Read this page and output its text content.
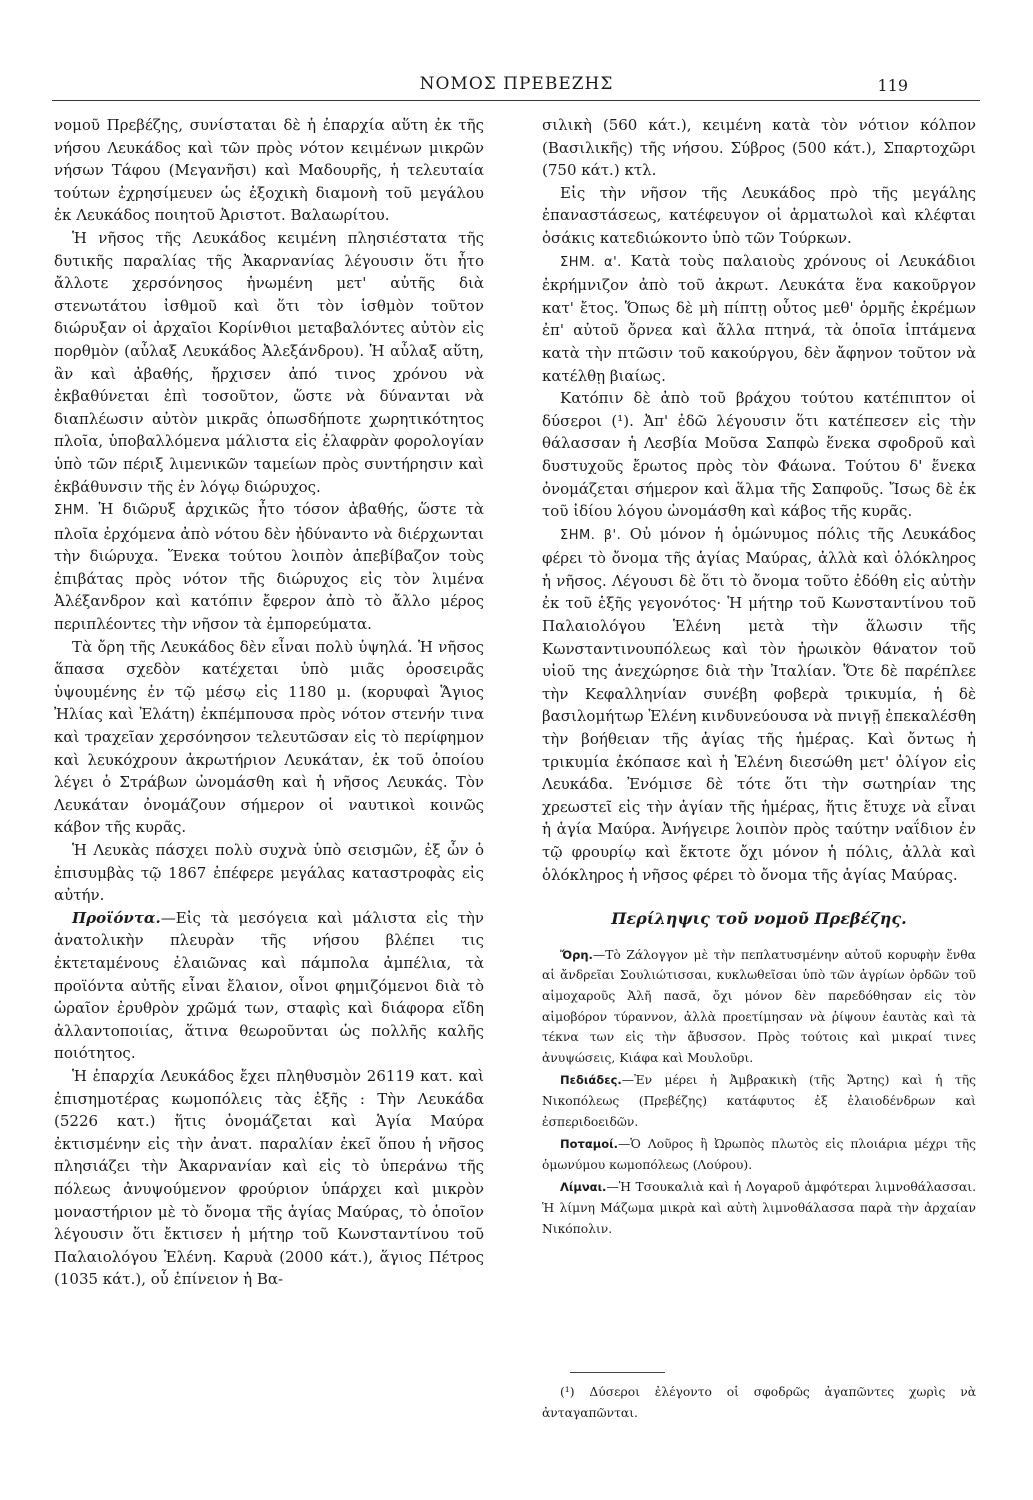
ΝΟΜΟΣ ΠΡΕΒΕΖΗΣ	119

νομοῦ Πρεβέζης, συνίσταται δὲ ἡ ἐπαρχία αὕτη ἐκ τῆς νήσου Λευκάδος καὶ τῶν πρὸς νότον κειμένων μικρῶν νήσων Τάφου (Μεγανῆσι) καὶ Μαδουρῆς, ἡ τελευταία τούτων ἐχρησίμευεν ὡς ἐξοχικὴ διαμονὴ τοῦ μεγάλου ἐκ Λευκάδος ποιητοῦ Ἀριστοτ. Βαλαωρίτου.

Ἡ νῆσος τῆς Λευκάδος κειμένη πλησιέστατα τῆς δυτικῆς παραλίας τῆς Ἀκαρνανίας λέγουσιν ὅτι ἦτο ἄλλοτε χερσόνησος ἡνωμένη μετ' αὐτῆς διὰ στενωτάτου ἰσθμοῦ καὶ ὅτι τὸν ἰσθμὸν τοῦτον διώρυξαν οἱ ἀρχαῖοι Κορίνθιοι μεταβαλόντες αὐτὸν εἰς πορθμὸν (αὖλαξ Λευκάδος Ἀλεξάνδρου). Ἡ αὖλαξ αὕτη, ἂν καὶ ἀβαθής, ἤρχισεν ἀπό τινος χρόνου νὰ ἐκβαθύνεται ἐπὶ τοσοῦτον, ὥστε νὰ δύνανται νὰ διαπλέωσιν αὐτὸν μικρᾶς ὁπωσδήποτε χωρητικότητος πλοῖα, ὑποβαλλόμενα μάλιστα εἰς ἐλαφρὰν φορολογίαν ὑπὸ τῶν πέριξ λιμενικῶν ταμείων πρὸς συντήρησιν καὶ ἐκβάθυνσιν τῆς ἐν λόγῳ διώρυχος.

ΣΗΜ. Ἡ διῶρυξ ἀρχικῶς ἦτο τόσον ἀβαθής, ὥστε τὰ πλοῖα ἐρχόμενα ἀπὸ νότου δὲν ἠδύναντο νὰ διέρχωνται τὴν διώρυχα. Ἕνεκα τούτου λοιπὸν ἀπεβίβαζον τοὺς ἐπιβάτας πρὸς νότον τῆς διώρυχος εἰς τὸν λιμένα Ἀλέξανδρον καὶ κατόπιν ἔφερον ἀπὸ τὸ ἄλλο μέρος περιπλέοντες τὴν νῆσον τὰ ἐμπορεύματα.

Τὰ ὄρη τῆς Λευκάδος δὲν εἶναι πολὺ ὑψηλά. Ἡ νῆσος ἅπασα σχεδὸν κατέχεται ὑπὸ μιᾶς ὀροσειρᾶς ὑψουμένης ἐν τῷ μέσῳ εἰς 1180 μ. (κορυφαὶ Ἅγιος Ἠλίας καὶ Ἐλάτη) ἐκπέμπουσα πρὸς νότον στενήν τινα καὶ τραχεῖαν χερσόνησον τελευτῶσαν εἰς τὸ περίφημον καὶ λευκόχρουν ἀκρωτήριον Λευκάταν, ἐκ τοῦ ὁποίου λέγει ὁ Στράβων ὠνομάσθη καὶ ἡ νῆσος Λευκάς. Τὸν Λευκάταν ὀνομάζουν σήμερον οἱ ναυτικοὶ κοινῶς κάβον τῆς κυρᾶς.

Ἡ Λευκὰς πάσχει πολὺ συχνὰ ὑπὸ σεισμῶν, ἐξ ὧν ὁ ἐπισυμβὰς τῷ 1867 ἐπέφερε μεγάλας καταστροφὰς εἰς αὐτήν.

Προϊόντα.—Εἰς τὰ μεσόγεια καὶ μάλιστα εἰς τὴν ἀνατολικὴν πλευρὰν τῆς νήσου βλέπει τις ἐκτεταμένους ἐλαιῶνας καὶ πάμπολα ἀμπέλια, τὰ προϊόντα αὐτῆς εἶναι ἔλαιον, οἶνοι φημιζόμενοι διὰ τὸ ὡραῖον ἐρυθρὸν χρῶμά των, σταφὶς καὶ διάφορα εἴδη ἀλλαντοποιίας, ἅτινα θεωροῦνται ὡς πολλῆς καλῆς ποιότητος.

Ἡ ἐπαρχία Λευκάδος ἔχει πληθυσμὸν 26119 κατ. καὶ ἐπισημοτέρας κωμοπόλεις τὰς ἑξῆς : Τὴν Λευκάδα (5226 κατ.) ἥτις ὀνομάζεται καὶ Ἁγία Μαύρα ἐκτισμένην εἰς τὴν ἀνατ. παραλίαν ἐκεῖ ὅπου ἡ νῆσος πλησιάζει τὴν Ἀκαρνανίαν καὶ εἰς τὸ ὑπεράνω τῆς πόλεως ἀνυψούμενον φρούριον ὑπάρχει καὶ μικρὸν μοναστήριον μὲ τὸ ὄνομα τῆς ἁγίας Μαύρας, τὸ ὁποῖον λέγουσιν ὅτι ἔκτισεν ἡ μήτηρ τοῦ Κωνσταντίνου τοῦ Παλαιολόγου Ἑλένη. Καρυὰ (2000 κάτ.), ἅγιος Πέτρος (1035 κάτ.), οὗ ἐπίνειον ἡ Βα-

σιλικὴ (560 κάτ.), κειμένη κατὰ τὸν νότιον κόλπον (Βασιλικῆς) τῆς νήσου. Σύβρος (500 κάτ.), Σπαρτοχῶρι (750 κάτ.) κτλ.

Εἰς τὴν νῆσον τῆς Λευκάδος πρὸ τῆς μεγάλης ἐπαναστάσεως, κατέφευγον οἱ ἁρματωλοὶ καὶ κλέφται ὁσάκις κατεδιώκοντο ὑπὸ τῶν Τούρκων.

ΣΗΜ. α'. Κατὰ τοὺς παλαιοὺς χρόνους οἱ Λευκάδιοι ἐκρήμνιζον ἀπὸ τοῦ ἀκρωτ. Λευκάτα ἕνα κακοῦργον κατ' ἔτος. Ὅπως δὲ μὴ πίπτῃ οὗτος μεθ' ὁρμῆς ἐκρέμων ἐπ' αὐτοῦ ὄρνεα καὶ ἄλλα πτηνά, τὰ ὁποῖα ἱπτάμενα κατὰ τὴν πτῶσιν τοῦ κακούργου, δὲν ἄφηνον τοῦτον νὰ κατέλθῃ βιαίως.

Κατόπιν δὲ ἀπὸ τοῦ βράχου τούτου κατέπιπτον οἱ δύσεροι (¹). Ἀπ' ἐδῶ λέγουσιν ὅτι κατέπεσεν εἰς τὴν θάλασσαν ἡ Λεσβία Μοῦσα Σαπφὼ ἕνεκα σφοδροῦ καὶ δυστυχοῦς ἔρωτος πρὸς τὸν Φάωνα. Τούτου δ' ἕνεκα ὀνομάζεται σήμερον καὶ ἅλμα τῆς Σαπφοῦς. Ἴσως δὲ ἐκ τοῦ ἰδίου λόγου ὠνομάσθη καὶ κάβος τῆς κυρᾶς.

ΣΗΜ. β'. Οὐ μόνον ἡ ὁμώνυμος πόλις τῆς Λευκάδος φέρει τὸ ὄνομα τῆς ἁγίας Μαύρας, ἀλλὰ καὶ ὁλόκληρος ἡ νῆσος. Λέγουσι δὲ ὅτι τὸ ὄνομα τοῦτο ἐδόθη εἰς αὐτὴν ἐκ τοῦ ἑξῆς γεγονότος· Ἡ μήτηρ τοῦ Κωνσταντίνου τοῦ Παλαιολόγου Ἑλένη μετὰ τὴν ἅλωσιν τῆς Κωνσταντινουπόλεως καὶ τὸν ἡρωικὸν θάνατον τοῦ υἱοῦ της ἀνεχώρησε διὰ τὴν Ἰταλίαν. Ὅτε δὲ παρέπλεε τὴν Κεφαλληνίαν συνέβη φοβερὰ τρικυμία, ἡ δὲ βασιλομήτωρ Ἑλένη κινδυνεύουσα νὰ πνιγῇ ἐπεκαλέσθη τὴν βοήθειαν τῆς ἁγίας τῆς ἡμέρας. Καὶ ὄντως ἡ τρικυμία ἐκόπασε καὶ ἡ Ἑλένη διεσώθη μετ' ὀλίγον εἰς Λευκάδα. Ἐνόμισε δὲ τότε ὅτι τὴν σωτηρίαν της χρεωστεῖ εἰς τὴν ἁγίαν τῆς ἡμέρας, ἥτις ἔτυχε νὰ εἶναι ἡ ἁγία Μαύρα. Ἀνήγειρε λοιπὸν πρὸς ταύτην ναΐδιον ἐν τῷ φρουρίῳ καὶ ἔκτοτε ὄχι μόνον ἡ πόλις, ἀλλὰ καὶ ὁλόκληρος ἡ νῆσος φέρει τὸ ὄνομα τῆς ἁγίας Μαύρας.

Περίληψις τοῦ νομοῦ Πρεβέζης.

Ὄρη.—Τὸ Ζάλογγον μὲ τὴν πεπλατυσμένην αὐτοῦ κορυφὴν ἔνθα αἱ ἄνδρεῖαι Σουλιώτισσαι, κυκλωθεῖσαι ὑπὸ τῶν ἀγρίων ὀρδῶν τοῦ αἱμοχαροῦς Ἀλῆ πασᾶ, ὄχι μόνον δὲν παρεδόθησαν εἰς τὸν αἱμοβόρον τύραννον, ἀλλὰ προετίμησαν νὰ ῥίψουν ἑαυτὰς καὶ τὰ τέκνα των εἰς τὴν ἄβυσσον. Πρὸς τούτοις καὶ μικραί τινες ἀνυψώσεις, Κιάφα καὶ Μουλοῦρι.

Πεδιάδες.—Ἐν μέρει ἡ Ἀμβρακικὴ (τῆς Ἄρτης) καὶ ἡ τῆς Νικοπόλεως (Πρεβέζης) κατάφυτος ἐξ ἐλαιοδένδρων καὶ ἐσπεριδοειδῶν.

Ποταμοί.—Ὁ Λοῦρος ἢ Ὠρωπὸς πλωτὸς εἰς πλοιάρια μέχρι τῆς ὁμωνύμου κωμοπόλεως (Λούρου).

Λίμναι.—Ἡ Τσουκαλιὰ καὶ ἡ Λογαροῦ ἀμφότεραι λιμνοθάλασσαι. Ἡ λίμνη Μάζωμα μικρὰ καὶ αὐτὴ λιμνοθάλασσα παρὰ τὴν ἀρχαίαν Νικόπολιν.

(¹) Δύσεροι ἐλέγοντο οἱ σφοδρῶς ἀγαπῶντες χωρὶς νὰ ἀνταγαπῶνται.
